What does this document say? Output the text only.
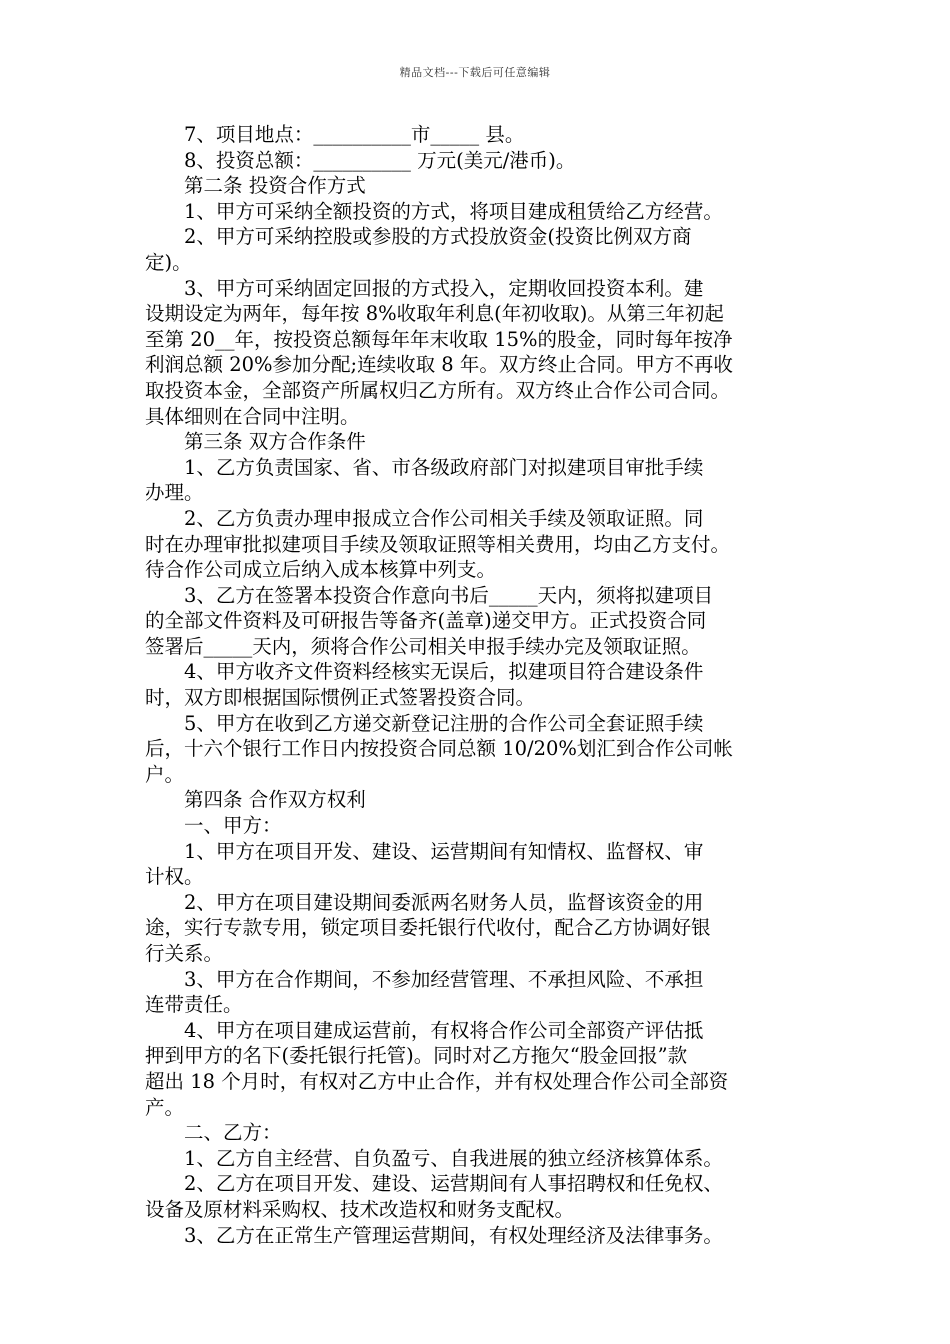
精品文档---下载后可任意编辑
　　7、项目地点：__________市_____ 县。
　　8、投资总额：__________ 万元(美元/港币)。
　　第二条 投资合作方式
　　1、甲方可采纳全额投资的方式，将项目建成租赁给乙方经营。
　　2、甲方可采纳控股或参股的方式投放资金(投资比例双方商
定)。
　　3、甲方可采纳固定回报的方式投入，定期收回投资本利。建
设期设定为两年，每年按 8%收取年利息(年初收取)。从第三年初起
至第 20__年，按投资总额每年年末收取 15%的股金，同时每年按净
利润总额 20%参加分配;连续收取 8 年。双方终止合同。甲方不再收
取投资本金，全部资产所属权归乙方所有。双方终止合作公司合同。
具体细则在合同中注明。
　　第三条 双方合作条件
　　1、乙方负责国家、省、市各级政府部门对拟建项目审批手续
办理。
　　2、乙方负责办理申报成立合作公司相关手续及领取证照。同
时在办理审批拟建项目手续及领取证照等相关费用，均由乙方支付。
待合作公司成立后纳入成本核算中列支。
　　3、乙方在签署本投资合作意向书后_____天内，须将拟建项目
的全部文件资料及可研报告等备齐(盖章)递交甲方。正式投资合同
签署后_____天内，须将合作公司相关申报手续办完及领取证照。
　　4、甲方收齐文件资料经核实无误后，拟建项目符合建设条件
时，双方即根据国际惯例正式签署投资合同。
　　5、甲方在收到乙方递交新登记注册的合作公司全套证照手续
后，十六个银行工作日内按投资合同总额 10/20%划汇到合作公司帐
户。
　　第四条 合作双方权利
　　一、甲方：
　　1、甲方在项目开发、建设、运营期间有知情权、监督权、审
计权。
　　2、甲方在项目建设期间委派两名财务人员，监督该资金的用
途，实行专款专用，锁定项目委托银行代收付，配合乙方协调好银
行关系。
　　3、甲方在合作期间，不参加经营管理、不承担风险、不承担
连带责任。
　　4、甲方在项目建成运营前，有权将合作公司全部资产评估抵
押到甲方的名下(委托银行托管)。同时对乙方拖欠“股金回报”款
超出 18 个月时，有权对乙方中止合作，并有权处理合作公司全部资
产。
　　二、乙方：
　　1、乙方自主经营、自负盈亏、自我进展的独立经济核算体系。
　　2、乙方在项目开发、建设、运营期间有人事招聘权和任免权、
设备及原材料采购权、技术改造权和财务支配权。
　　3、乙方在正常生产管理运营期间，有权处理经济及法律事务。
